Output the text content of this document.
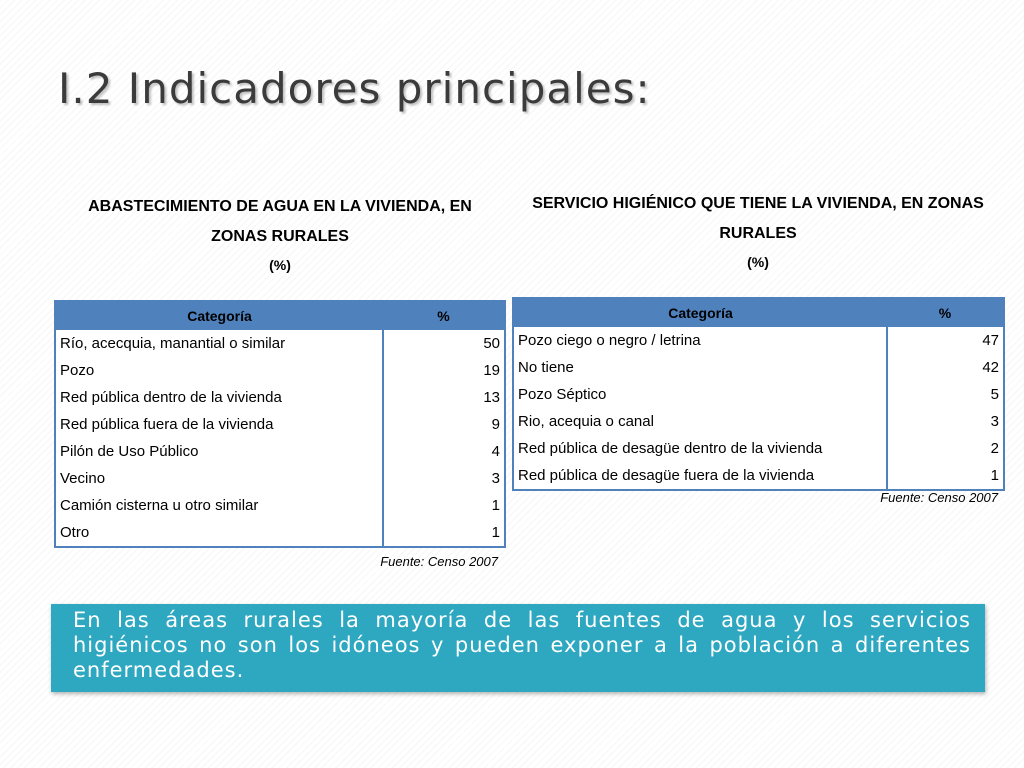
I.2 Indicadores principales:
ABASTECIMIENTO DE AGUA EN LA VIVIENDA, EN
ZONAS RURALES
(%)
SERVICIO HIGIÉNICO QUE TIENE LA VIVIENDA, EN ZONAS
RURALES
(%)
Categoría	%
Río, acecquia, manantial o similar	50
Pozo	19
Red pública dentro de la vivienda	13
Red pública fuera de la vivienda	9
Pilón de Uso Público	4
Vecino	3
Camión cisterna u otro similar	1
Otro	1
Fuente: Censo 2007
Categoría	%
Pozo ciego o negro / letrina	47
No tiene	42
Pozo Séptico	5
Rio, acequia o canal	3
Red pública de desagüe dentro de la vivienda	2
Red pública de desagüe fuera de la vivienda	1
Fuente: Censo 2007

En las áreas rurales la mayoría de las fuentes de agua y los servicios higiénicos no son los idóneos y pueden exponer a la población a diferentes enfermedades.
